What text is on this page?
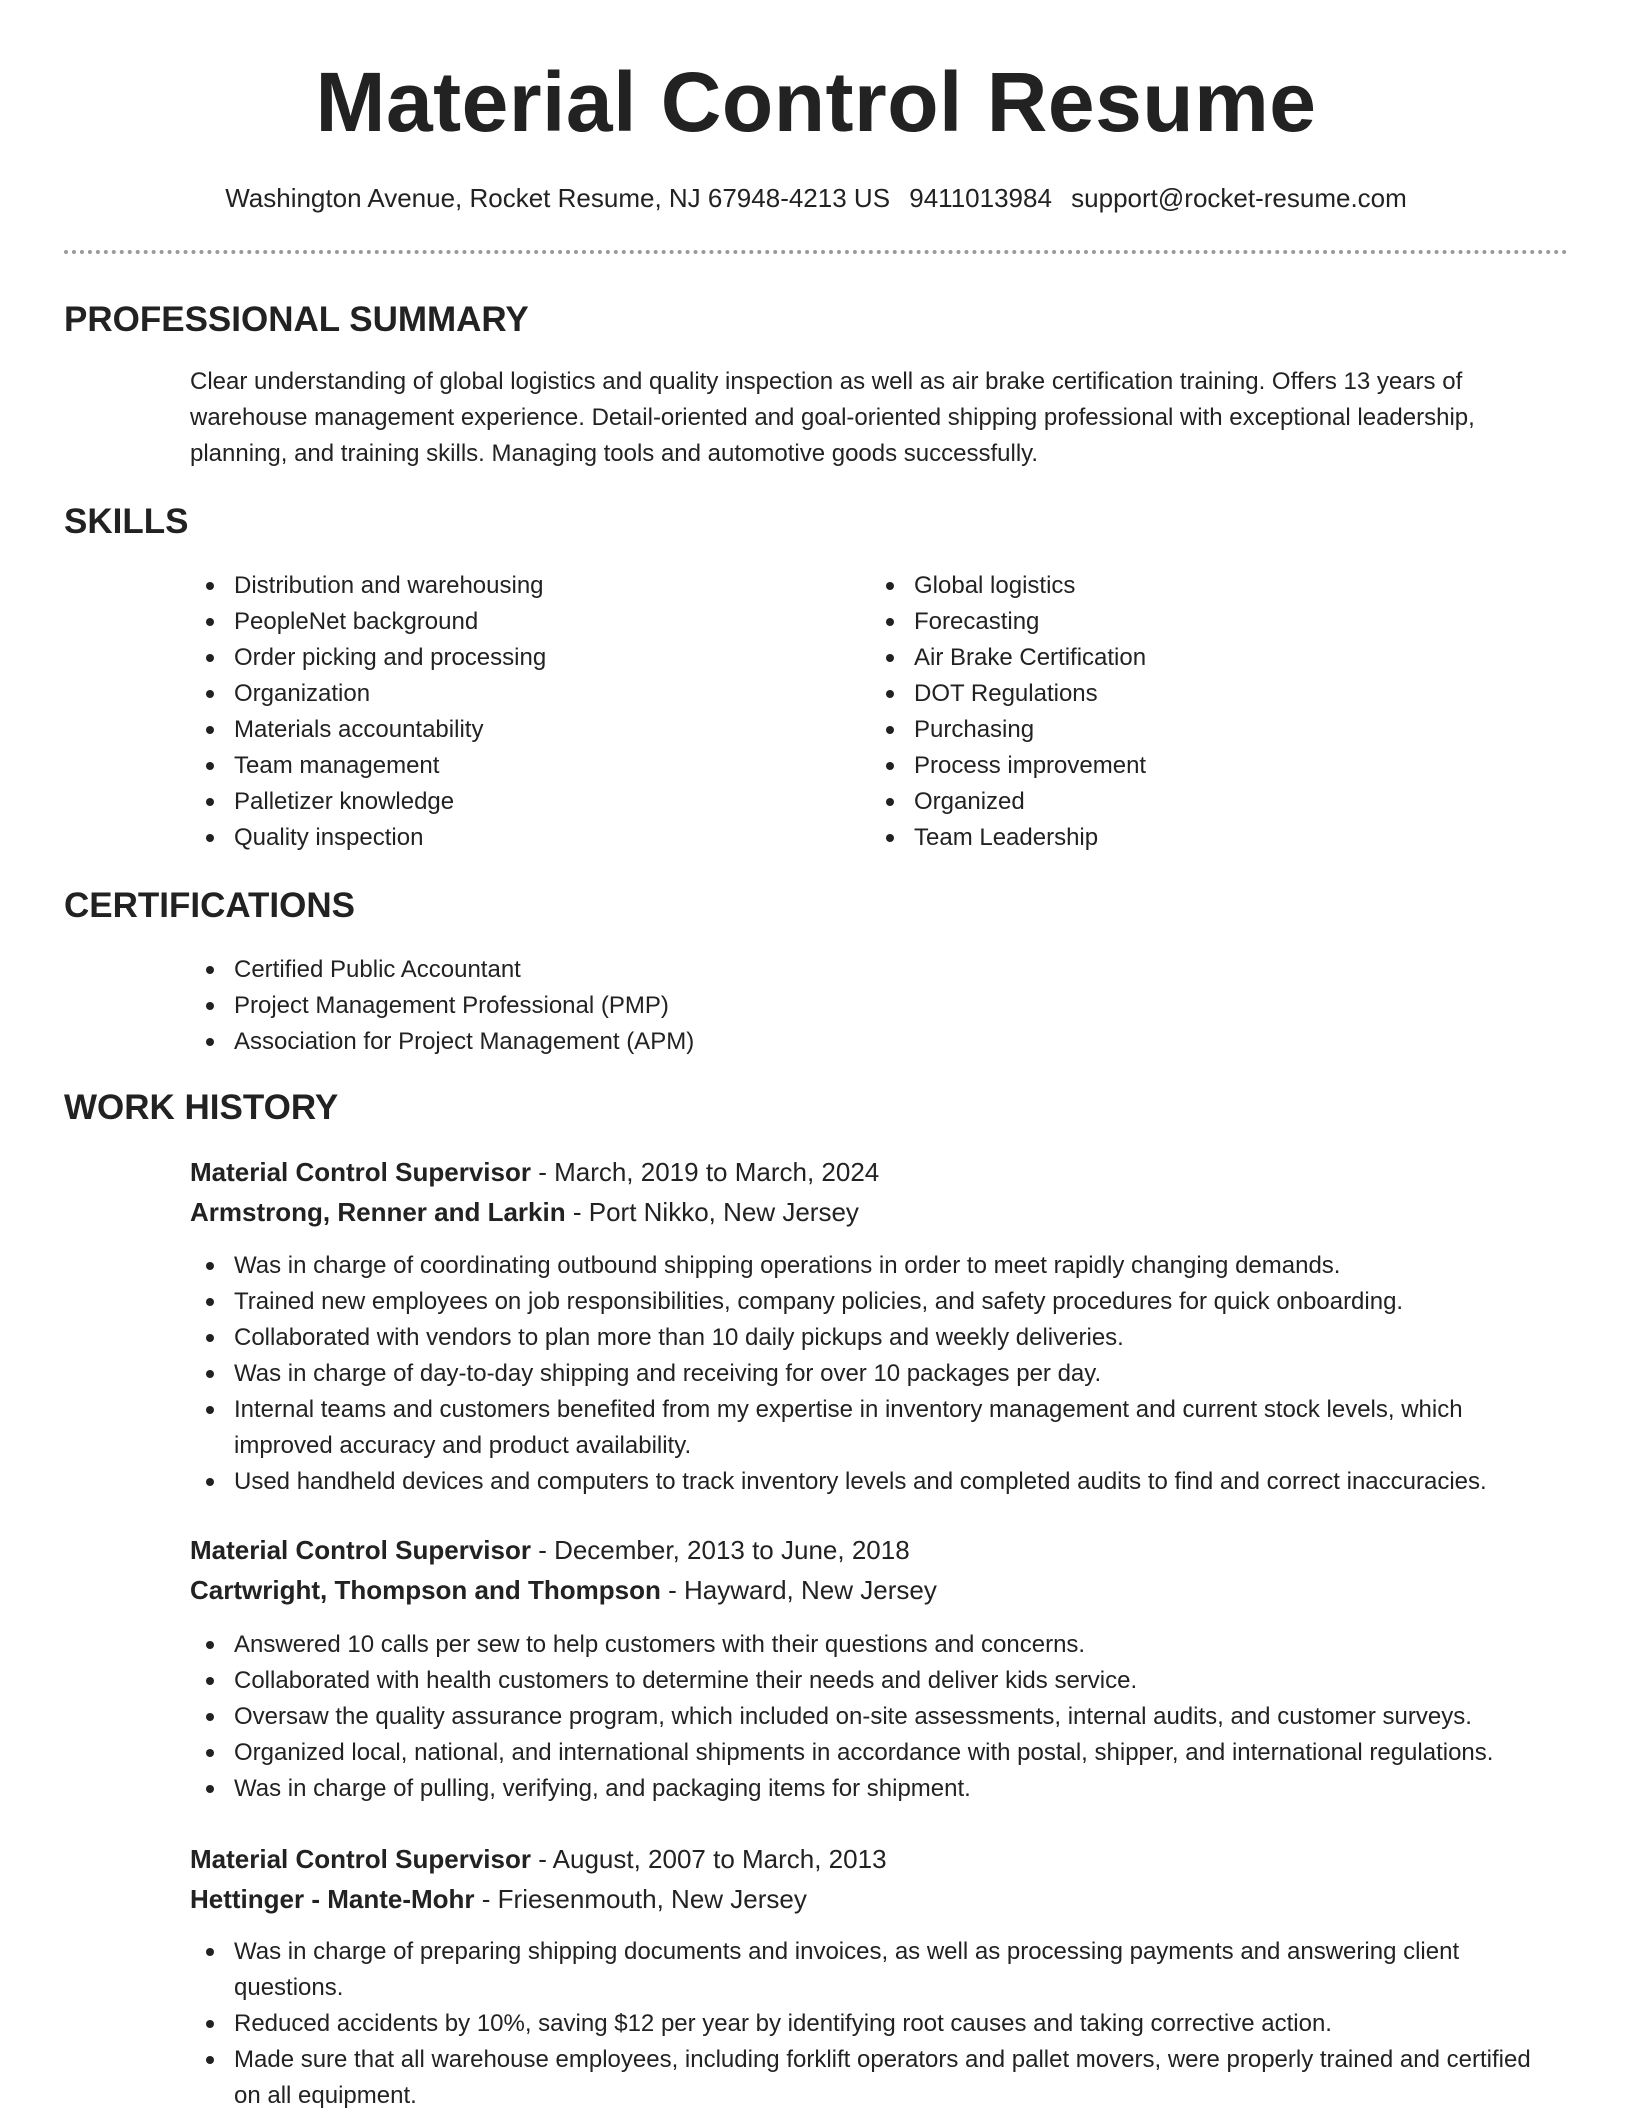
Material Control Resume
Washington Avenue, Rocket Resume, NJ 67948-4213 US 9411013984 support@rocket-resume.com
PROFESSIONAL SUMMARY

Clear understanding of global logistics and quality inspection as well as air brake certification training. Offers 13 years of warehouse management experience. Detail-oriented and goal-oriented shipping professional with exceptional leadership, planning, and training skills. Managing tools and automotive goods successfully.

SKILLS
Distribution and warehousing
PeopleNet background
Order picking and processing
Organization
Materials accountability
Team management
Palletizer knowledge
Quality inspection
Global logistics
Forecasting
Air Brake Certification
DOT Regulations
Purchasing
Process improvement
Organized
Team Leadership
CERTIFICATIONS
Certified Public Accountant
Project Management Professional (PMP)
Association for Project Management (APM)
WORK HISTORY

Material Control Supervisor - March, 2019 to March, 2024

Armstrong, Renner and Larkin - Port Nikko, New Jersey

Was in charge of coordinating outbound shipping operations in order to meet rapidly changing demands.
Trained new employees on job responsibilities, company policies, and safety procedures for quick onboarding.
Collaborated with vendors to plan more than 10 daily pickups and weekly deliveries.
Was in charge of day-to-day shipping and receiving for over 10 packages per day.
Internal teams and customers benefited from my expertise in inventory management and current stock levels, which improved accuracy and product availability.
Used handheld devices and computers to track inventory levels and completed audits to find and correct inaccuracies.

Material Control Supervisor - December, 2013 to June, 2018

Cartwright, Thompson and Thompson - Hayward, New Jersey

Answered 10 calls per sew to help customers with their questions and concerns.
Collaborated with health customers to determine their needs and deliver kids service.
Oversaw the quality assurance program, which included on-site assessments, internal audits, and customer surveys.
Organized local, national, and international shipments in accordance with postal, shipper, and international regulations.
Was in charge of pulling, verifying, and packaging items for shipment.

Material Control Supervisor - August, 2007 to March, 2013

Hettinger - Mante-Mohr - Friesenmouth, New Jersey

Was in charge of preparing shipping documents and invoices, as well as processing payments and answering client questions.
Reduced accidents by 10%, saving $12 per year by identifying root causes and taking corrective action.
Made sure that all warehouse employees, including forklift operators and pallet movers, were properly trained and certified on all equipment.
